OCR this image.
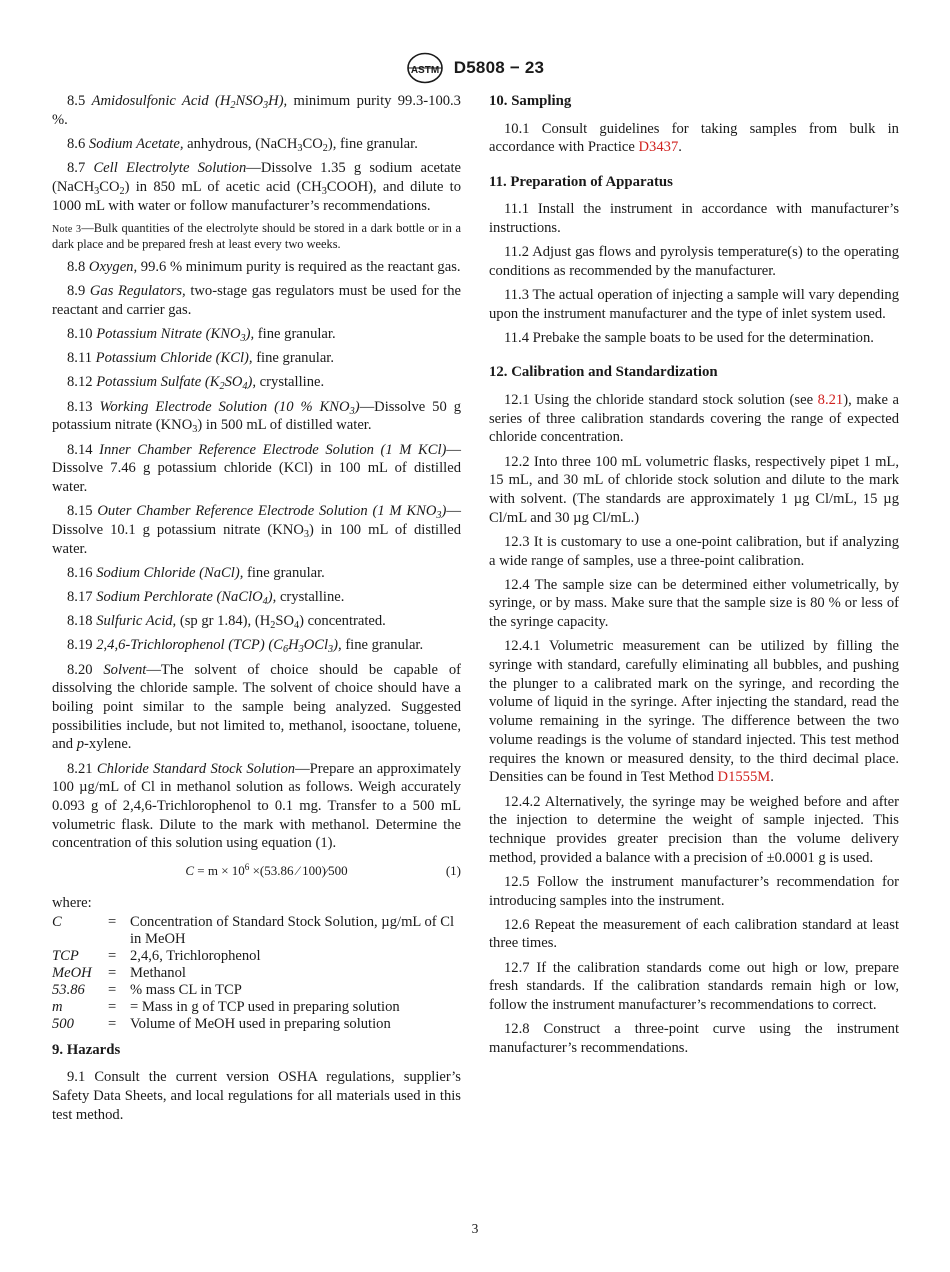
ASTM D5808 − 23

8.5 Amidosulfonic Acid $(H_2NSO_3H)$, minimum purity 99.3-100.3 %.

8.6 Sodium Acetate, anhydrous, $(NaCH_3CO_2)$, fine granular.

8.7 Cell Electrolyte Solution—Dissolve 1.35 g sodium acetate $(NaCH_3CO_2)$ in 850 mL of acetic acid $(CH_3COOH)$, and dilute to 1000 mL with water or follow manufacturer’s recommendations.

Note 3—Bulk quantities of the electrolyte should be stored in a dark bottle or in a dark place and be prepared fresh at least every two weeks.

8.8 Oxygen, 99.6 % minimum purity is required as the reactant gas.

8.9 Gas Regulators, two-stage gas regulators must be used for the reactant and carrier gas.

8.10 Potassium Nitrate $(KNO_3)$, fine granular.

8.11 Potassium Chloride (KCl), fine granular.

8.12 Potassium Sulfate $(K_2SO_4)$, crystalline.

8.13 Working Electrode Solution (10 % $KNO_3)—Dissolve$ 50 g potassium nitrate $(KNO_3)$ in 500 mL of distilled water.

8.14 Inner Chamber Reference Electrode Solution (1 M KCl)—Dissolve 7.46 g potassium chloride (KCl) in 100 mL of distilled water.

8.15 Outer Chamber Reference Electrode Solution (1 M $KNO_3)—Dissolve$ 10.1 g potassium nitrate $(KNO_3)$ in 100 mL of distilled water.

8.16 Sodium Chloride (NaCl), fine granular.

8.17 Sodium Perchlorate (NaClO$_4$), crystalline.

8.18 Sulfuric Acid, (sp gr 1.84), $(H_2SO_4)$ concentrated.

8.19 2,4,6-Trichlorophenol (TCP) $(C_6H_3OCl_3)$, fine granular.

8.20 Solvent—The solvent of choice should be capable of dissolving the chloride sample. The solvent of choice should have a boiling point similar to the sample being analyzed. Suggested possibilities include, but not limited to, methanol, isooctane, toluene, and p-xylene.

8.21 Chloride Standard Stock Solution—Prepare an approximately 100 µg/mL of Cl in methanol solution as follows. Weigh accurately 0.093 g of 2,4,6-Trichlorophenol to 0.1 mg. Transfer to a 500 mL volumetric flask. Dilute to the mark with methanol. Determine the concentration of this solution using equation (1).

$C = m \times 10^6 \times(53.86$ ⁄ 100)⁄500	(1)

where:

C	=	Concentration of Standard Stock Solution, µg/mL of Cl in MeOH
TCP	=	2,4,6, Trichlorophenol
MeOH	=	Methanol
53.86	=	% mass CL in TCP
m	=	= Mass in g of TCP used in preparing solution
500	=	Volume of MeOH used in preparing solution
9. Hazards

9.1 Consult the current version OSHA regulations, supplier’s Safety Data Sheets, and local regulations for all materials used in this test method.

10. Sampling

10.1 Consult guidelines for taking samples from bulk in accordance with Practice D3437.

11. Preparation of Apparatus

11.1 Install the instrument in accordance with manufacturer’s instructions.

11.2 Adjust gas flows and pyrolysis temperature(s) to the operating conditions as recommended by the manufacturer.

11.3 The actual operation of injecting a sample will vary depending upon the instrument manufacturer and the type of inlet system used.

11.4 Prebake the sample boats to be used for the determination.

12. Calibration and Standardization

12.1 Using the chloride standard stock solution (see 8.21), make a series of three calibration standards covering the range of expected chloride concentration.

12.2 Into three 100 mL volumetric flasks, respectively pipet 1 mL, 15 mL, and 30 mL of chloride stock solution and dilute to the mark with solvent. (The standards are approximately 1 µg Cl/mL, 15 µg Cl/mL and 30 µg Cl/mL.)

12.3 It is customary to use a one-point calibration, but if analyzing a wide range of samples, use a three-point calibration.

12.4 The sample size can be determined either volumetrically, by syringe, or by mass. Make sure that the sample size is 80 % or less of the syringe capacity.

12.4.1 Volumetric measurement can be utilized by filling the syringe with standard, carefully eliminating all bubbles, and pushing the plunger to a calibrated mark on the syringe, and recording the volume of liquid in the syringe. After injecting the standard, read the volume remaining in the syringe. The difference between the two volume readings is the volume of standard injected. This test method requires the known or measured density, to the third decimal place. Densities can be found in Test Method D1555M.

12.4.2 Alternatively, the syringe may be weighed before and after the injection to determine the weight of sample injected. This technique provides greater precision than the volume delivery method, provided a balance with a precision of ±0.0001 g is used.

12.5 Follow the instrument manufacturer’s recommendation for introducing samples into the instrument.

12.6 Repeat the measurement of each calibration standard at least three times.

12.7 If the calibration standards come out high or low, prepare fresh standards. If the calibration standards remain high or low, follow the instrument manufacturer’s recommendations to correct.

12.8 Construct a three-point curve using the instrument manufacturer’s recommendations.

3
